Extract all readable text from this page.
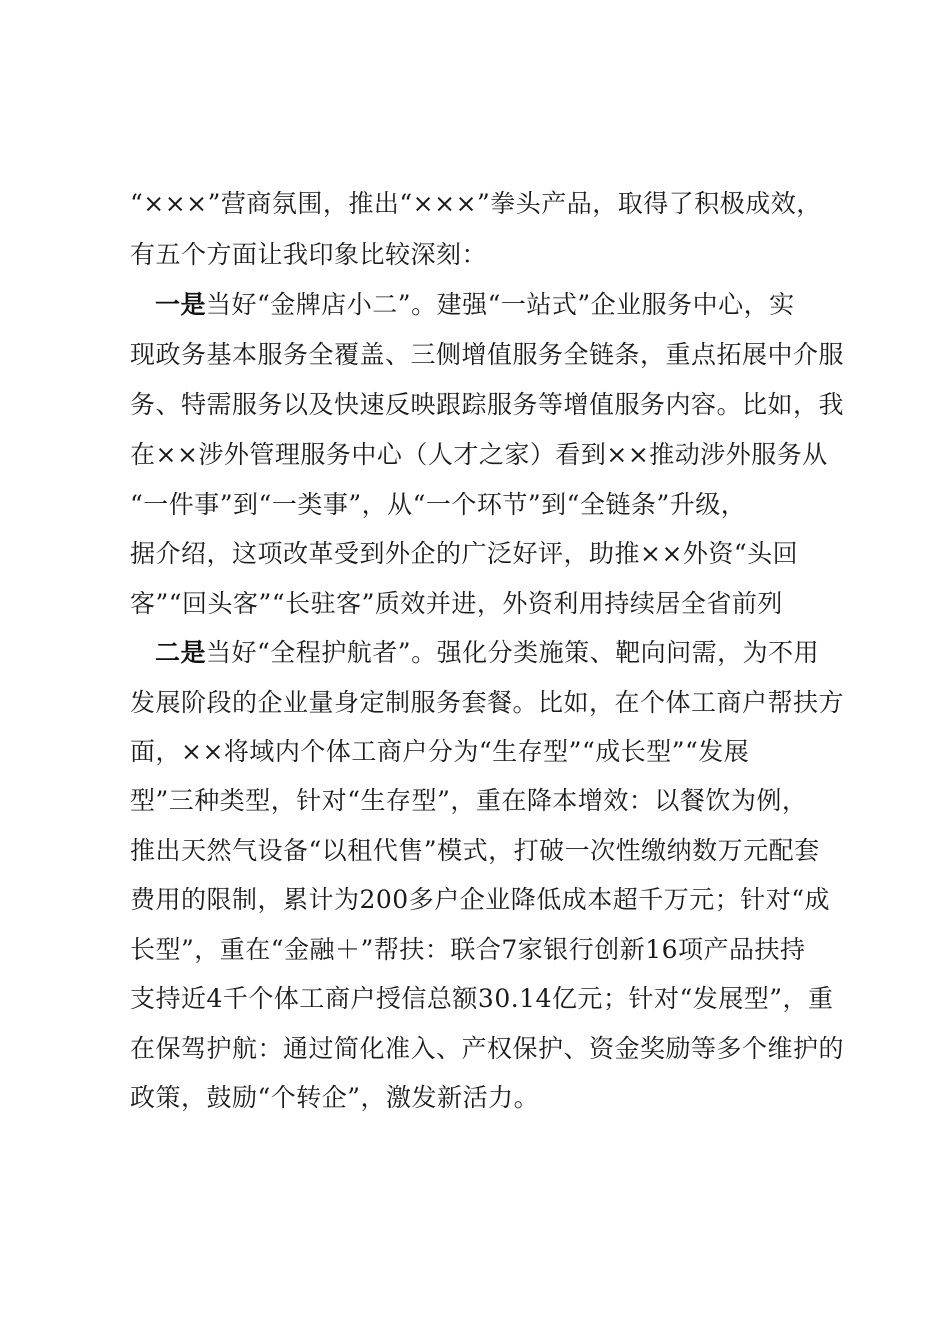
“×××”营商氛围，推出“×××”拳头产品，取得了积极成效，
有五个方面让我印象比较深刻：
一是当好“金牌店小二”。建强“一站式”企业服务中心，实
现政务基本服务全覆盖、三侧增值服务全链条，重点拓展中介服
务、特需服务以及快速反映跟踪服务等增值服务内容。比如，我
在××涉外管理服务中心（人才之家）看到××推动涉外服务从
“一件事”到“一类事”，从“一个环节”到“全链条”升级，
据介绍，这项改革受到外企的广泛好评，助推××外资“头回
客”“回头客”“长驻客”质效并进，外资利用持续居全省前列
二是当好“全程护航者”。强化分类施策、靶向问需，为不用
发展阶段的企业量身定制服务套餐。比如，在个体工商户帮扶方
面，××将域内个体工商户分为“生存型”“成长型”“发展
型”三种类型，针对“生存型”，重在降本增效：以餐饮为例，
推出天然气设备“以租代售”模式，打破一次性缴纳数万元配套
费用的限制，累计为200多户企业降低成本超千万元；针对“成
长型”，重在“金融＋”帮扶：联合7家银行创新16项产品扶持
支持近4千个体工商户授信总额30.14亿元；针对“发展型”，重
在保驾护航：通过简化准入、产权保护、资金奖励等多个维护的
政策，鼓励“个转企”，激发新活力。
